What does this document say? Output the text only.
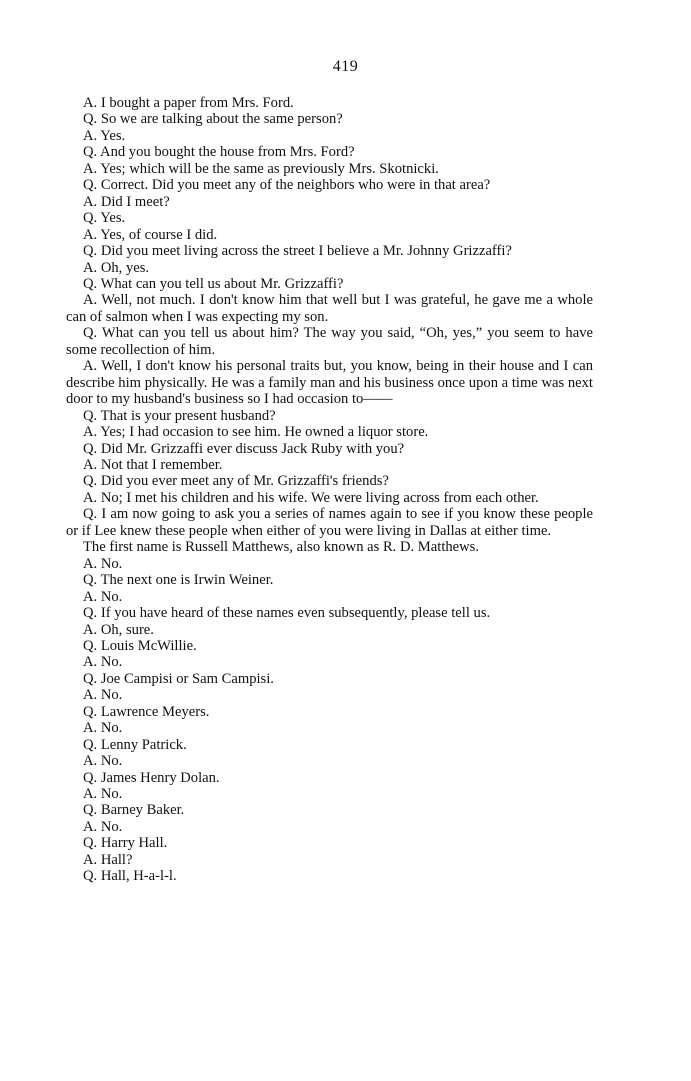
419

A. I bought a paper from Mrs. Ford.

Q. So we are talking about the same person?

A. Yes.

Q. And you bought the house from Mrs. Ford?

A. Yes; which will be the same as previously Mrs. Skotnicki.

Q. Correct. Did you meet any of the neighbors who were in that area?

A. Did I meet?

Q. Yes.

A. Yes, of course I did.

Q. Did you meet living across the street I believe a Mr. Johnny Grizzaffi?

A. Oh, yes.

Q. What can you tell us about Mr. Grizzaffi?

A. Well, not much. I don't know him that well but I was grateful, he gave me a whole can of salmon when I was expecting my son.

Q. What can you tell us about him? The way you said, “Oh, yes,” you seem to have some recollection of him.

A. Well, I don't know his personal traits but, you know, being in their house and I can describe him physically. He was a family man and his business once upon a time was next door to my husband's business so I had occasion to——

Q. That is your present husband?

A. Yes; I had occasion to see him. He owned a liquor store.

Q. Did Mr. Grizzaffi ever discuss Jack Ruby with you?

A. Not that I remember.

Q. Did you ever meet any of Mr. Grizzaffi's friends?

A. No; I met his children and his wife. We were living across from each other.

Q. I am now going to ask you a series of names again to see if you know these people or if Lee knew these people when either of you were living in Dallas at either time.

The first name is Russell Matthews, also known as R. D. Matthews.

A. No.

Q. The next one is Irwin Weiner.

A. No.

Q. If you have heard of these names even subsequently, please tell us.

A. Oh, sure.

Q. Louis McWillie.

A. No.

Q. Joe Campisi or Sam Campisi.

A. No.

Q. Lawrence Meyers.

A. No.

Q. Lenny Patrick.

A. No.

Q. James Henry Dolan.

A. No.

Q. Barney Baker.

A. No.

Q. Harry Hall.

A. Hall?

Q. Hall, H-a-l-l.
